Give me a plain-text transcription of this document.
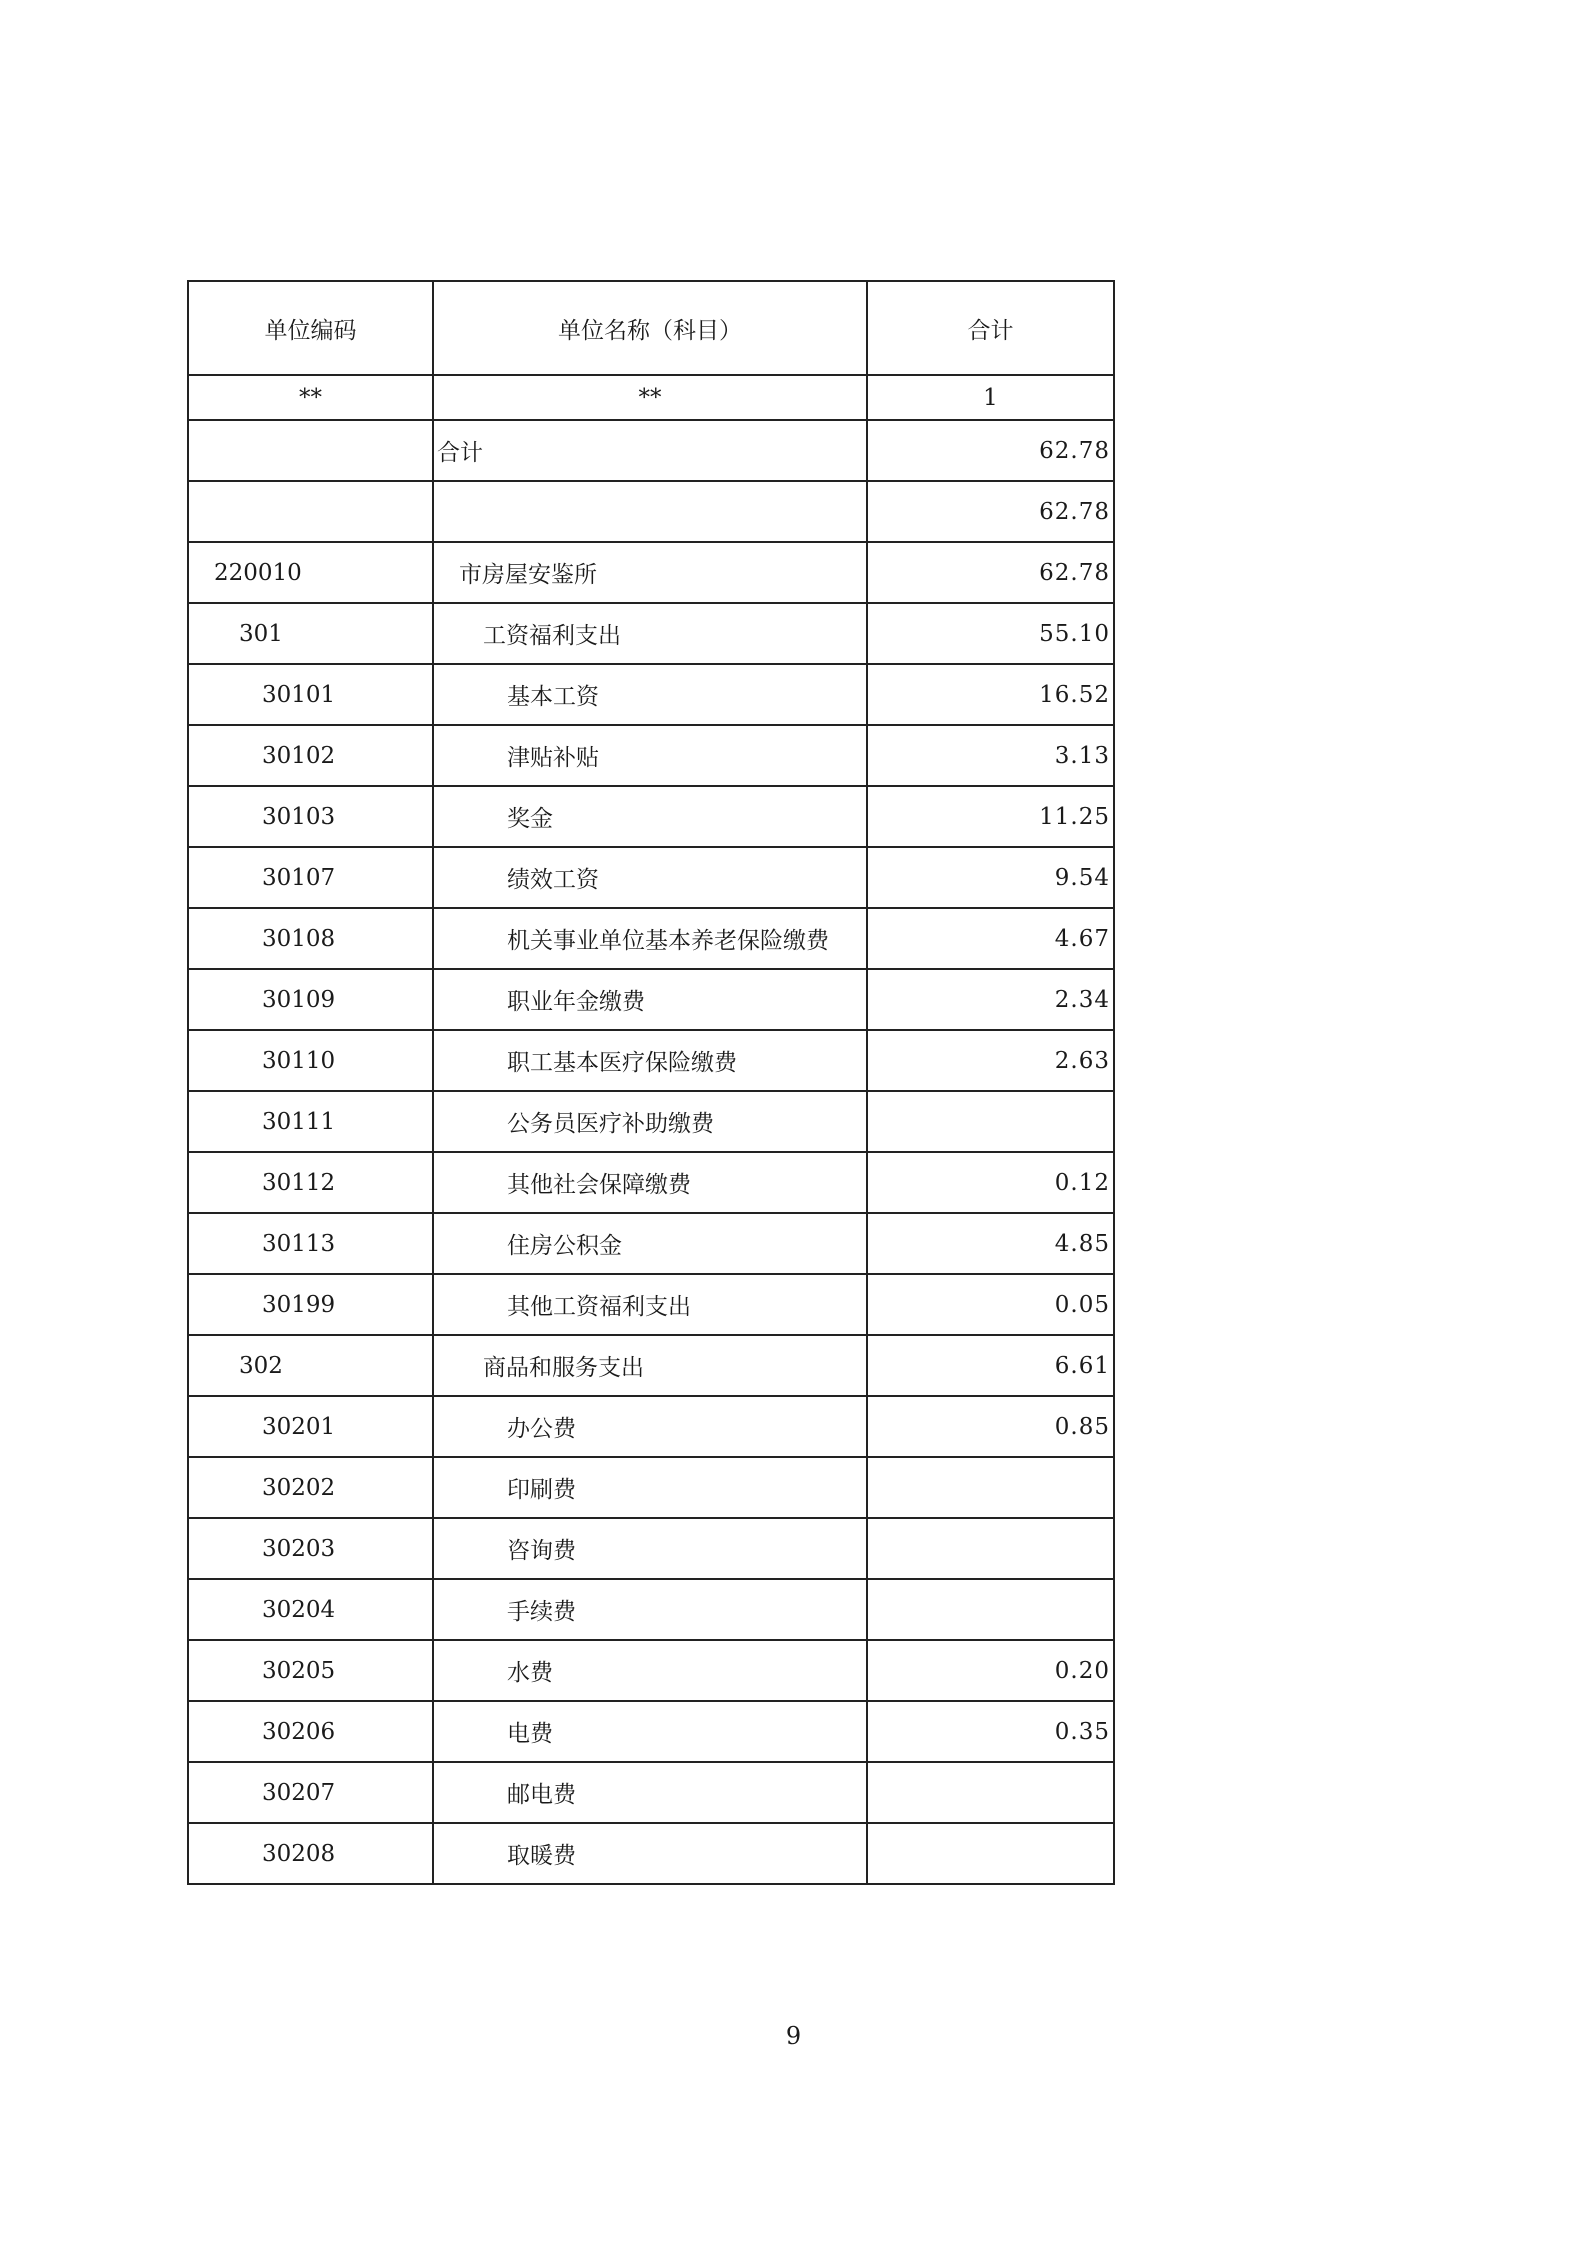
单位编码	单位名称（科目）	合计
**	**	1
	合计	62.78
		62.78
220010	市房屋安鉴所	62.78
301	工资福利支出	55.10
30101	基本工资	16.52
30102	津贴补贴	3.13
30103	奖金	11.25
30107	绩效工资	9.54
30108	机关事业单位基本养老保险缴费	4.67
30109	职业年金缴费	2.34
30110	职工基本医疗保险缴费	2.63
30111	公务员医疗补助缴费	
30112	其他社会保障缴费	0.12
30113	住房公积金	4.85
30199	其他工资福利支出	0.05
302	商品和服务支出	6.61
30201	办公费	0.85
30202	印刷费	
30203	咨询费	
30204	手续费	
30205	水费	0.20
30206	电费	0.35
30207	邮电费	
30208	取暖费	
9
